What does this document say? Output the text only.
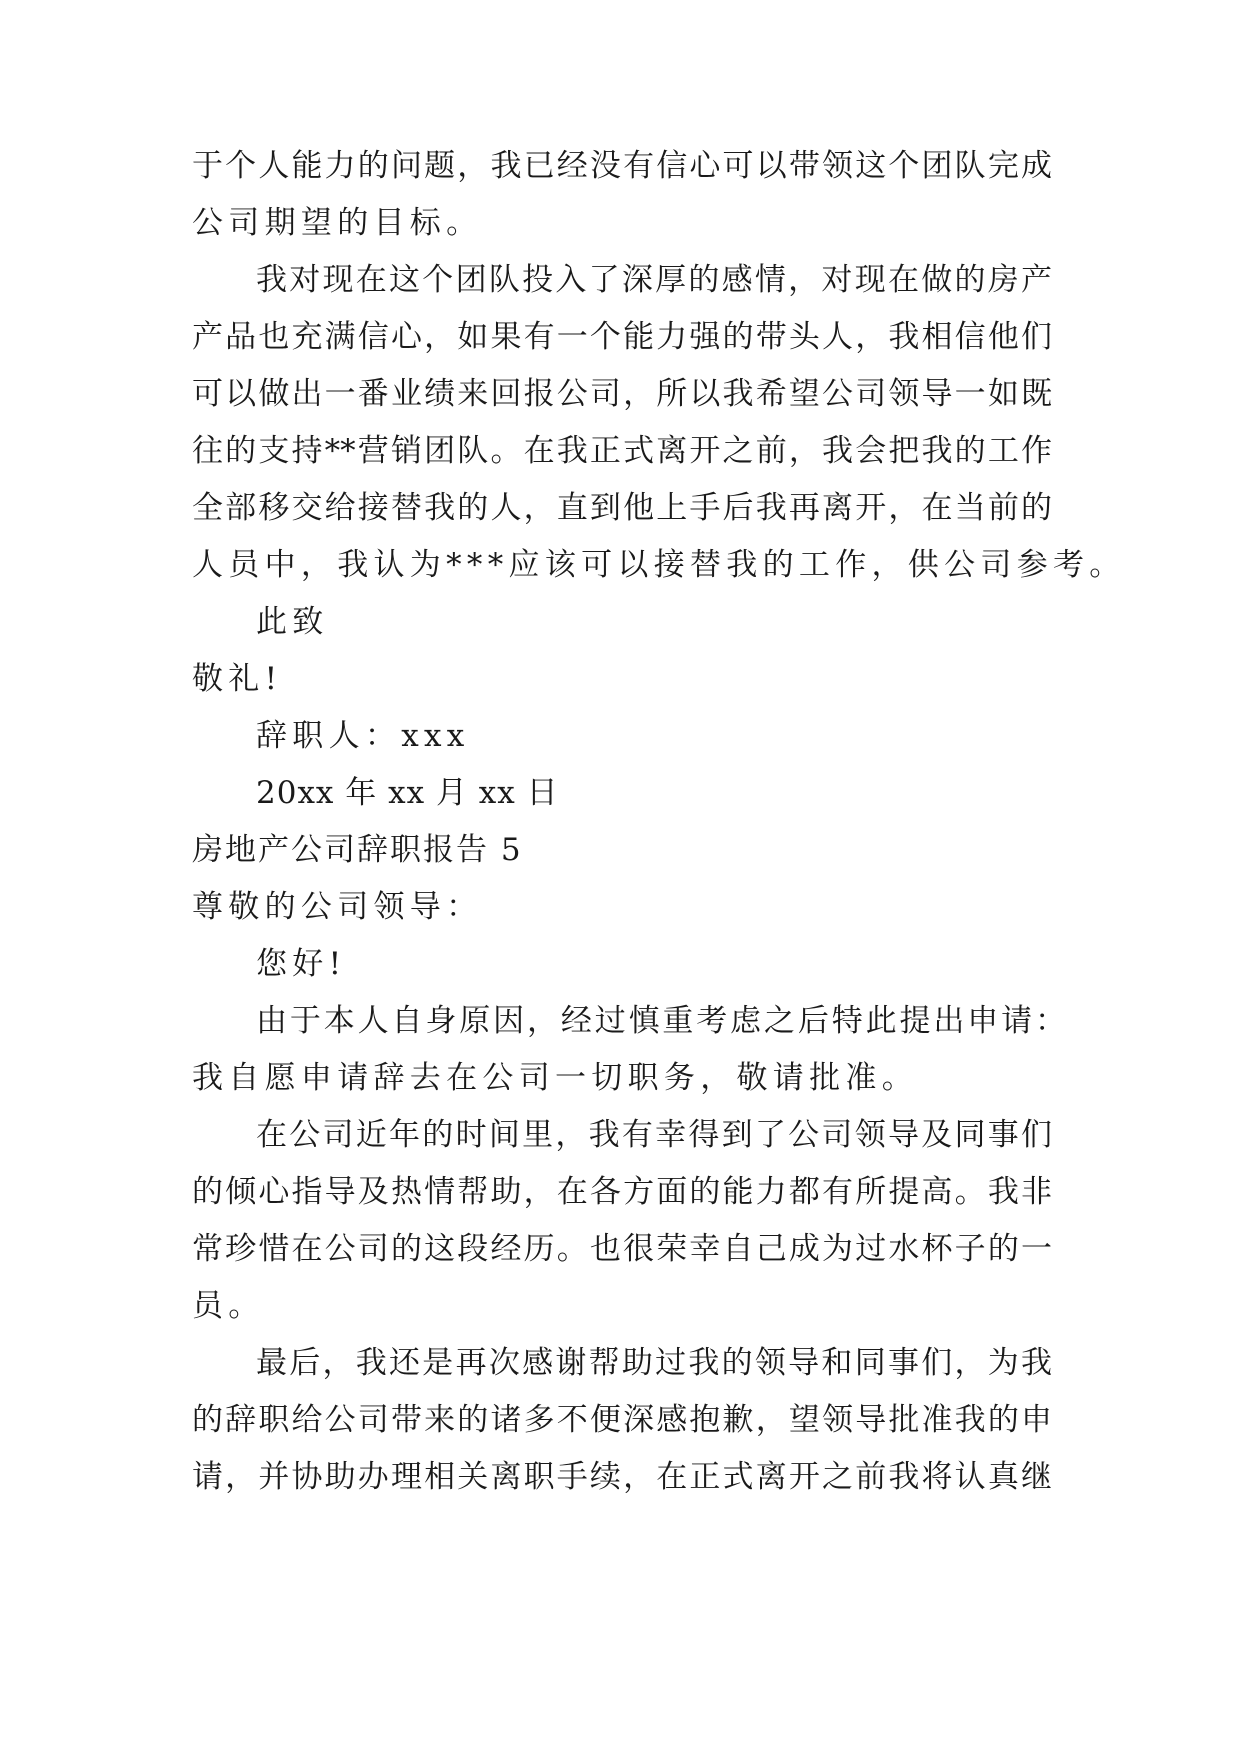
于个人能力的问题，我已经没有信心可以带领这个团队完成
公司期望的目标。
我对现在这个团队投入了深厚的感情，对现在做的房产
产品也充满信心，如果有一个能力强的带头人，我相信他们
可以做出一番业绩来回报公司，所以我希望公司领导一如既
往的支持**营销团队。在我正式离开之前，我会把我的工作
全部移交给接替我的人，直到他上手后我再离开，在当前的
人员中，我认为***应该可以接替我的工作，供公司参考。
此致
敬礼!
辞职人：xxx
20xx 年 xx 月 xx 日
房地产公司辞职报告 5
尊敬的公司领导：
您好!
由于本人自身原因，经过慎重考虑之后特此提出申请：
我自愿申请辞去在公司一切职务，敬请批准。
在公司近年的时间里，我有幸得到了公司领导及同事们
的倾心指导及热情帮助，在各方面的能力都有所提高。我非
常珍惜在公司的这段经历。也很荣幸自己成为过水杯子的一
员。
最后，我还是再次感谢帮助过我的领导和同事们，为我
的辞职给公司带来的诸多不便深感抱歉，望领导批准我的申
请，并协助办理相关离职手续，在正式离开之前我将认真继
